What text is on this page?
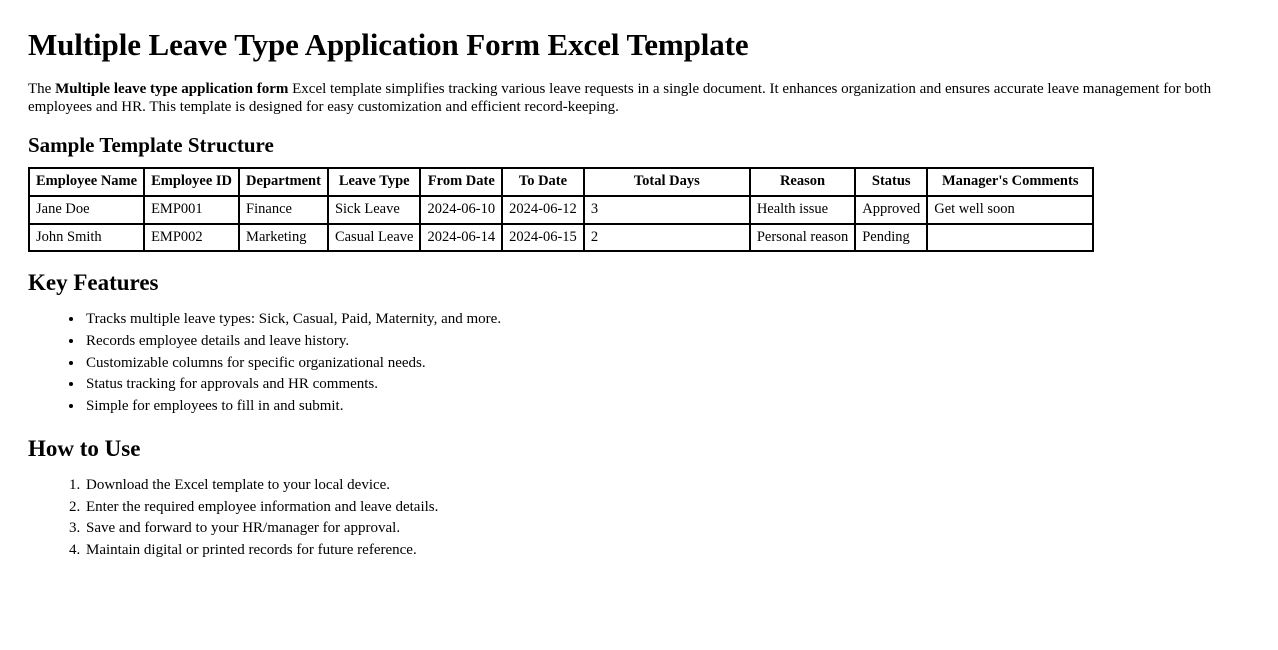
Multiple Leave Type Application Form Excel Template

The Multiple leave type application form Excel template simplifies tracking various leave requests in a single document. It enhances organization and ensures accurate leave management for both employees and HR. This template is designed for easy customization and efficient record-keeping.

Sample Template Structure
Employee Name	Employee ID	Department	Leave Type	From Date	To Date	Total Days	Reason	Status	Manager's Comments
Jane Doe	EMP001	Finance	Sick Leave	2024-06-10	2024-06-12	3	Health issue	Approved	Get well soon
John Smith	EMP002	Marketing	Casual Leave	2024-06-14	2024-06-15	2	Personal reason	Pending	
Key Features
• Tracks multiple leave types: Sick, Casual, Paid, Maternity, and more.
• Records employee details and leave history.
• Customizable columns for specific organizational needs.
• Status tracking for approvals and HR comments.
• Simple for employees to fill in and submit.
How to Use
1. Download the Excel template to your local device.
2. Enter the required employee information and leave details.
3. Save and forward to your HR/manager for approval.
4. Maintain digital or printed records for future reference.
